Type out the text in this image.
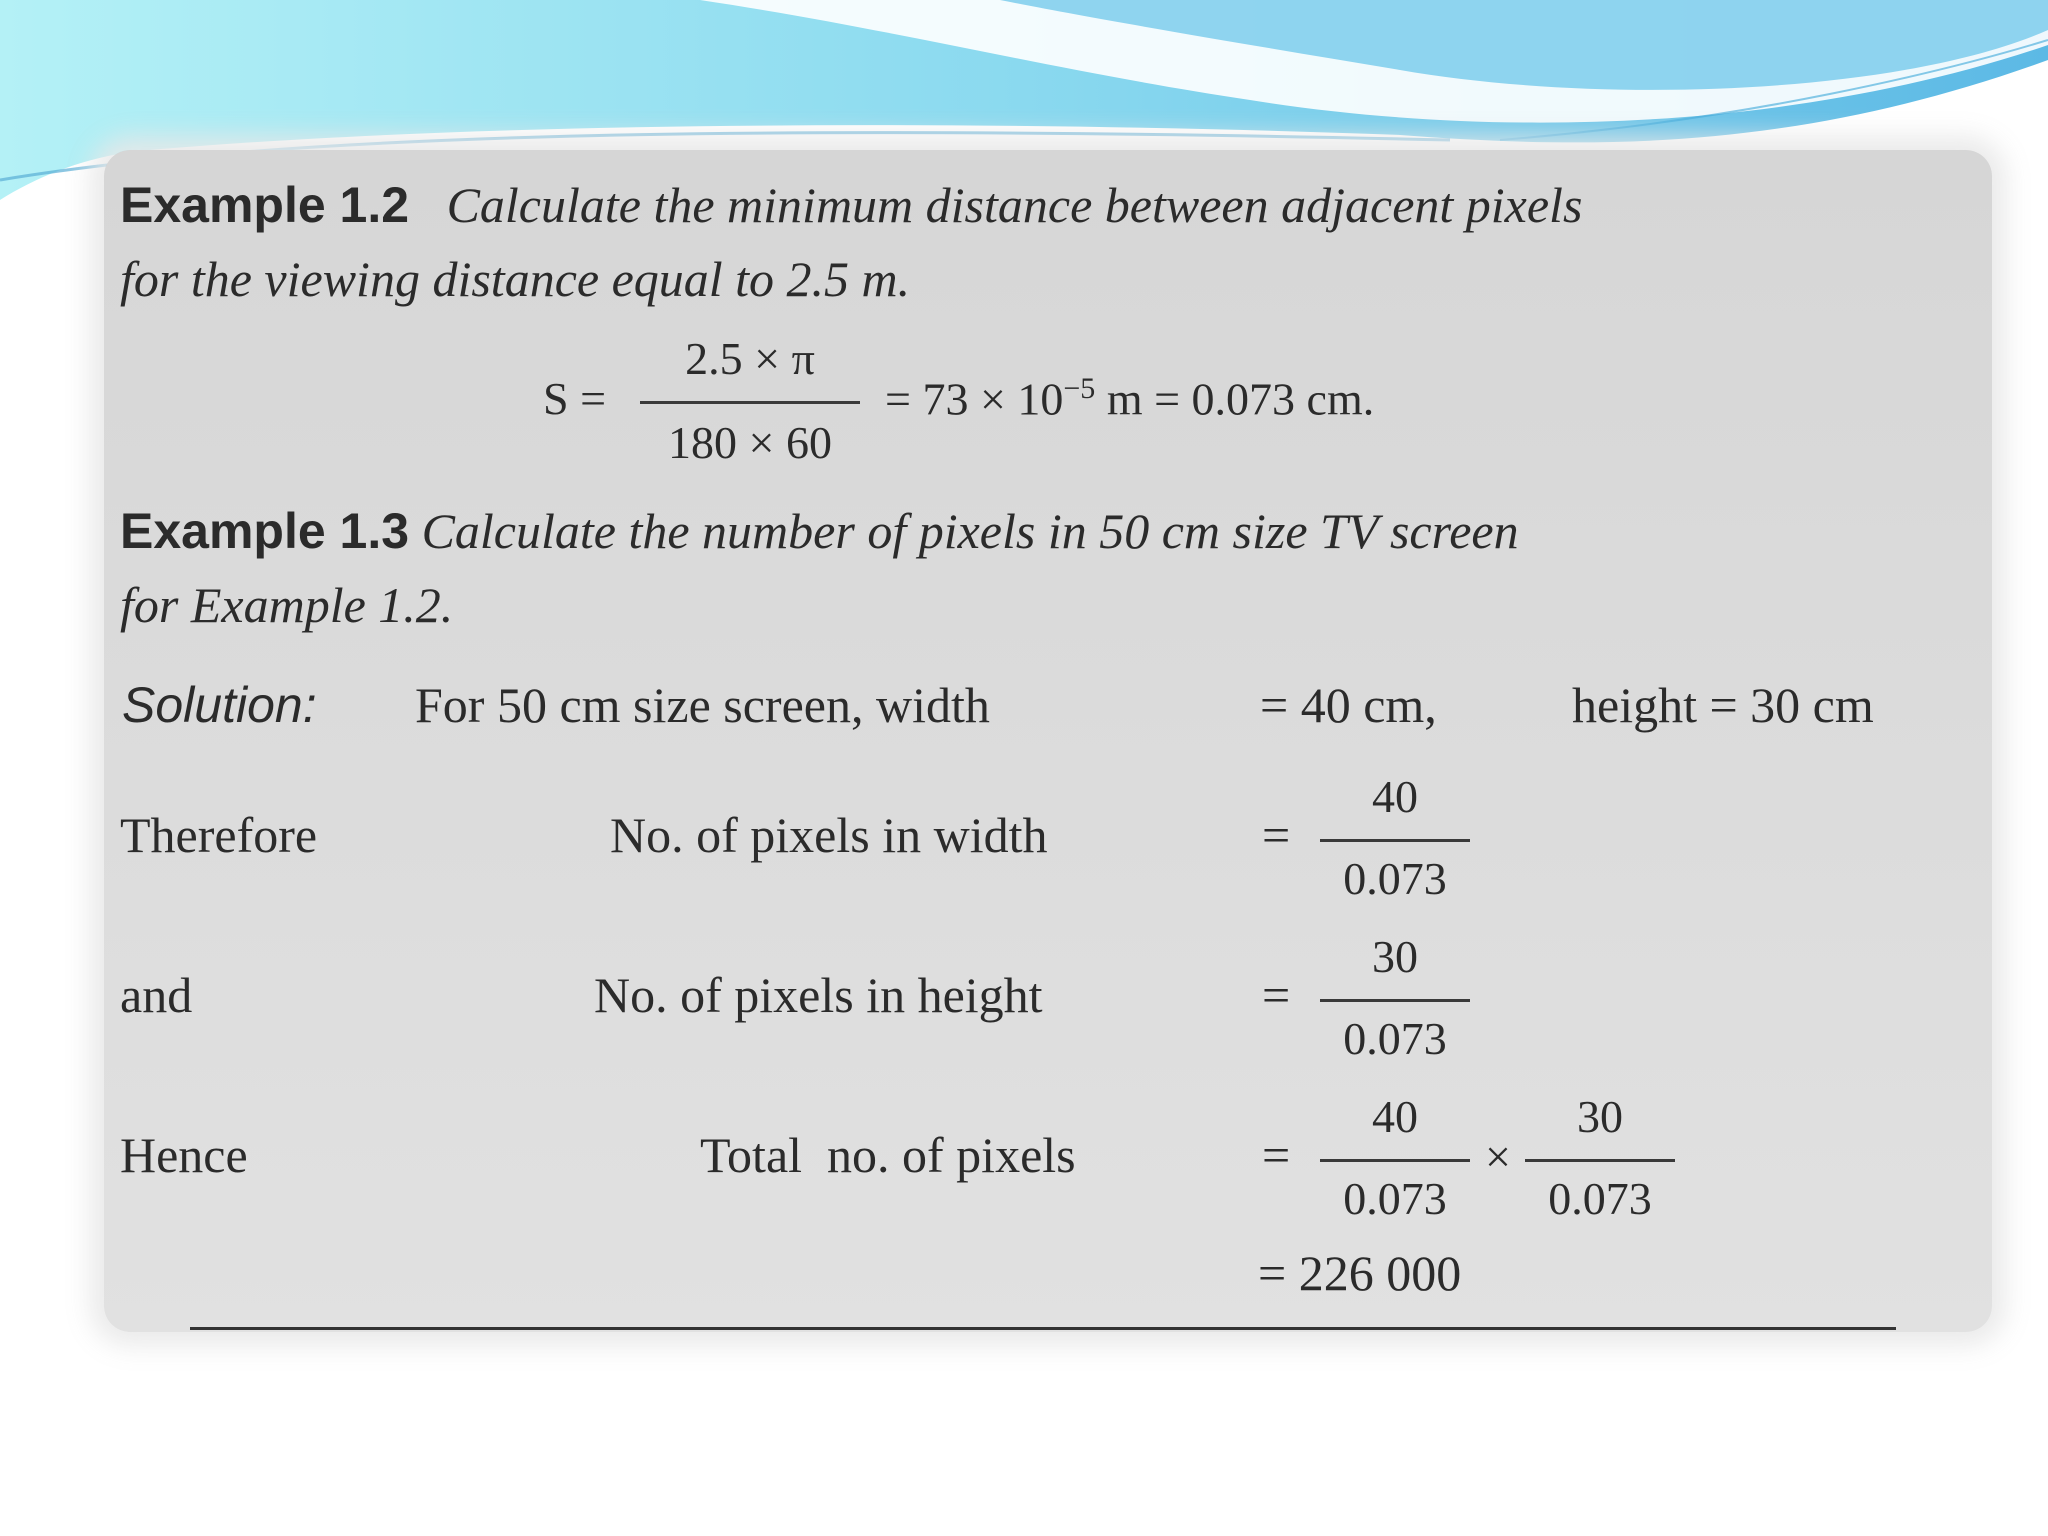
Example 1.2 Calculate the minimum distance between adjacent pixels
for the viewing distance equal to 2.5 m.
S =
2.5 × π
180 × 60
= $73 \times 10^{-5}$ m = 0.073 cm.
Example 1.3 Calculate the number of pixels in 50 cm size TV screen
for Example 1.2.
Solution: For 50 cm size screen, width	= 40 cm,	height = 30 cm
Therefore	No. of pixels in width	=
40
0.073
and	No. of pixels in height	=
30
0.073
Hence	Total  no. of pixels	=
40
0.073
×
30
0.073
= 226 000
